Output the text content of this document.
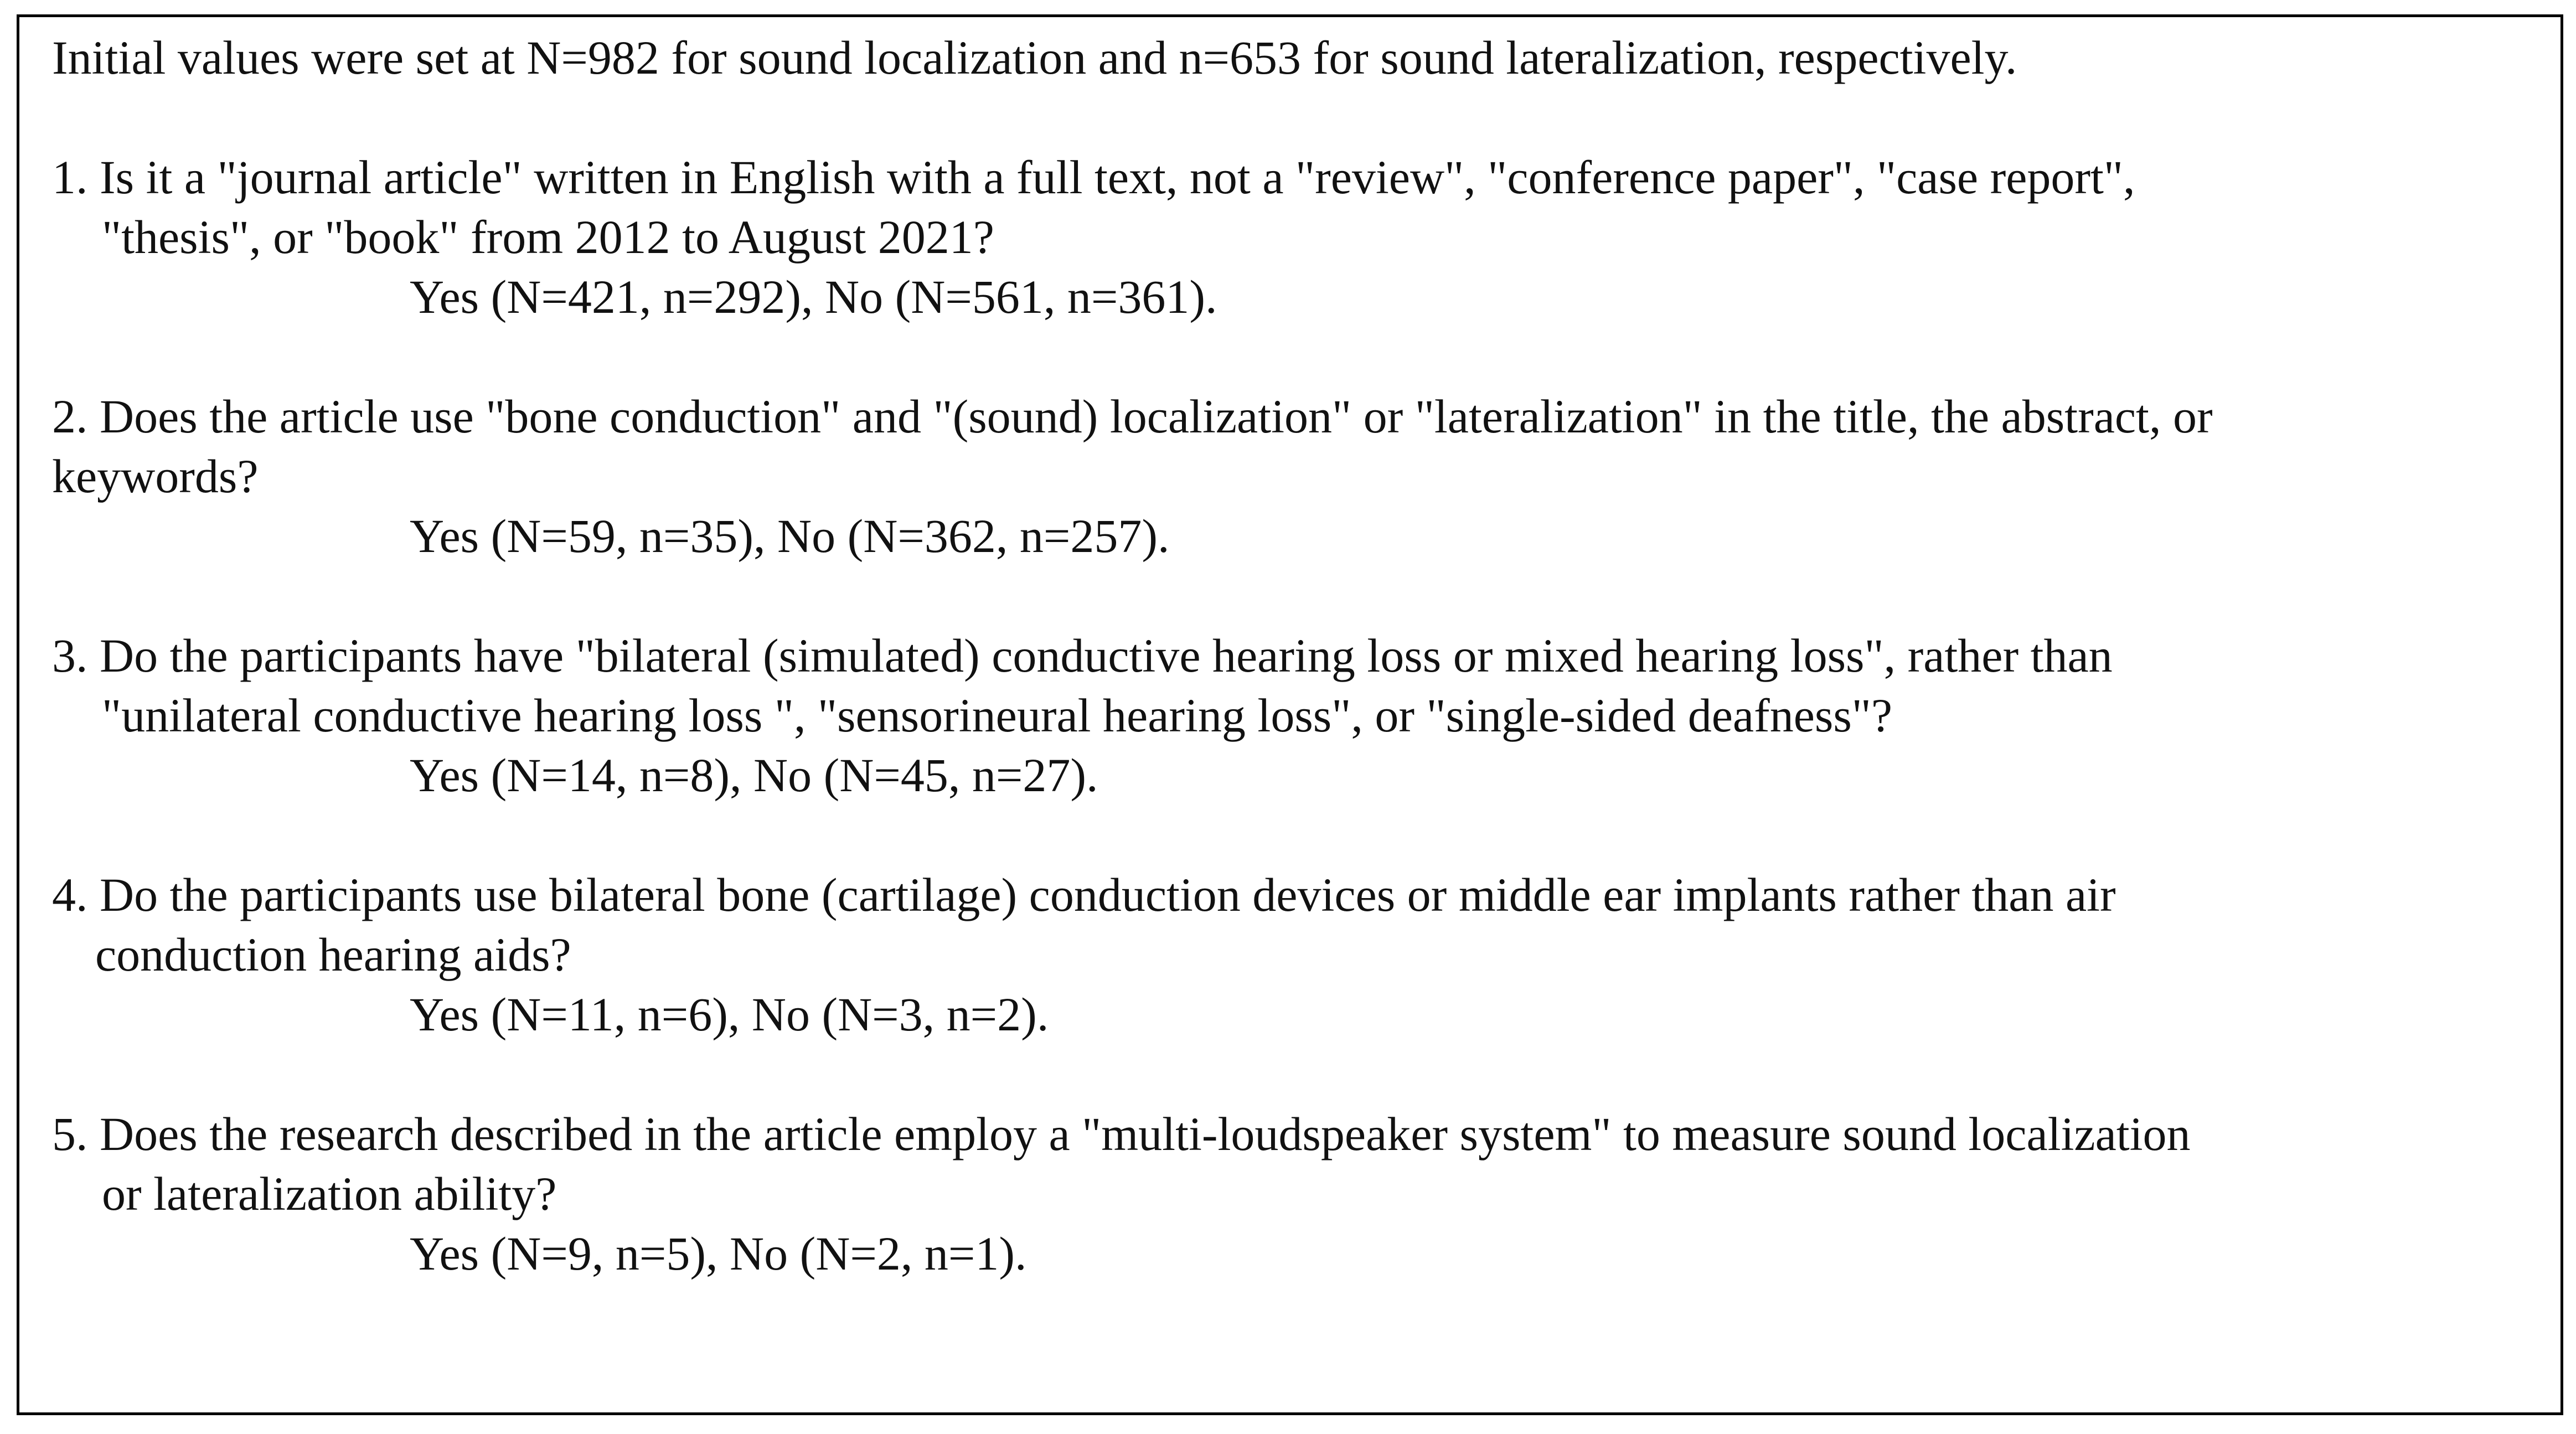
Initial values were set at N=982 for sound localization and n=653 for sound lateralization, respectively.
1. Is it a "journal article" written in English with a full text, not a "review", "conference paper", "case report",
"thesis", or "book" from 2012 to August 2021?
Yes (N=421, n=292), No (N=561, n=361).
2. Does the article use "bone conduction" and "(sound) localization" or "lateralization" in the title, the abstract, or
keywords?
Yes (N=59, n=35), No (N=362, n=257).
3. Do the participants have "bilateral (simulated) conductive hearing loss or mixed hearing loss", rather than
"unilateral conductive hearing loss ", "sensorineural hearing loss", or "single-sided deafness"?
Yes (N=14, n=8), No (N=45, n=27).
4. Do the participants use bilateral bone (cartilage) conduction devices or middle ear implants rather than air
conduction hearing aids?
Yes (N=11, n=6), No (N=3, n=2).
5. Does the research described in the article employ a "multi-loudspeaker system" to measure sound localization
or lateralization ability?
Yes (N=9, n=5), No (N=2, n=1).
